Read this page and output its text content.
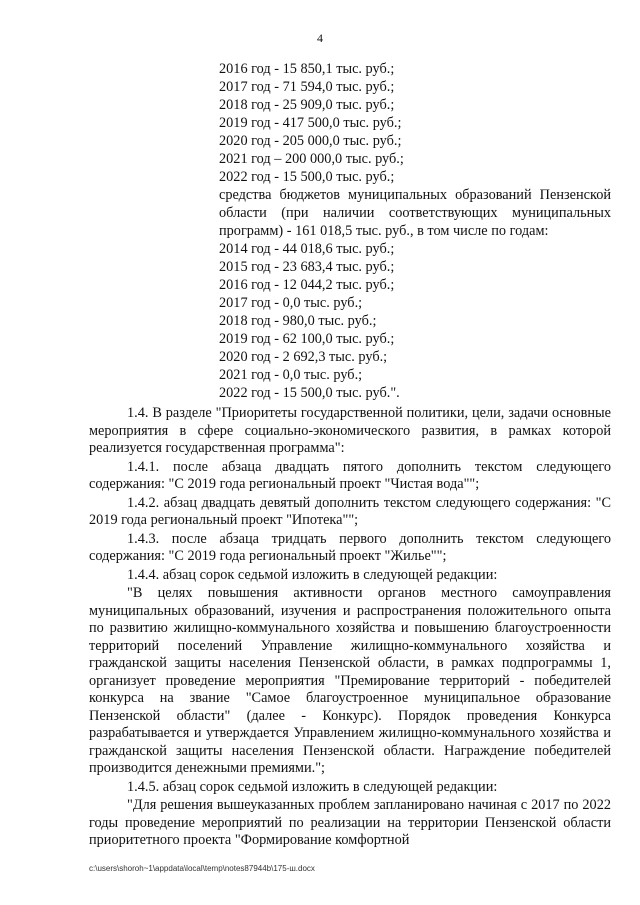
4
2016 год - 15 850,1 тыс. руб.;
2017 год - 71 594,0 тыс. руб.;
2018 год - 25 909,0 тыс. руб.;
2019 год - 417 500,0 тыс. руб.;
2020 год - 205 000,0 тыс. руб.;
2021 год – 200 000,0 тыс. руб.;
2022 год - 15 500,0 тыс. руб.;
средства бюджетов муниципальных образований Пензенской области (при наличии соответствующих муниципальных программ) - 161 018,5 тыс. руб., в том числе по годам:
2014 год - 44 018,6 тыс. руб.;
2015 год - 23 683,4 тыс. руб.;
2016 год - 12 044,2 тыс. руб.;
2017 год - 0,0 тыс. руб.;
2018 год - 980,0 тыс. руб.;
2019 год - 62 100,0 тыс. руб.;
2020 год - 2 692,3 тыс. руб.;
2021 год - 0,0 тыс. руб.;
2022 год - 15 500,0 тыс. руб.".

1.4. В разделе "Приоритеты государственной политики, цели, задачи основные мероприятия в сфере социально-экономического развития, в рамках которой реализуется государственная программа":

1.4.1. после абзаца двадцать пятого дополнить текстом следующего содержания: "С 2019 года региональный проект "Чистая вода"";

1.4.2. абзац двадцать девятый дополнить текстом следующего содержания: "С 2019 года региональный проект "Ипотека"";

1.4.3. после абзаца тридцать первого дополнить текстом следующего содержания: "С 2019 года региональный проект "Жилье"";

1.4.4. абзац сорок седьмой изложить в следующей редакции:

"В целях повышения активности органов местного самоуправления муниципальных образований, изучения и распространения положительного опыта по развитию жилищно-коммунального хозяйства и повышению благоустроенности территорий поселений Управление жилищно-коммунального хозяйства и гражданской защиты населения Пензенской области, в рамках подпрограммы 1, организует проведение мероприятия "Премирование территорий - победителей конкурса на звание "Самое благоустроенное муниципальное образование Пензенской области" (далее - Конкурс). Порядок проведения Конкурса разрабатывается и утверждается Управлением жилищно-коммунального хозяйства и гражданской защиты населения Пензенской области. Награждение победителей производится денежными премиями.";

1.4.5. абзац сорок седьмой изложить в следующей редакции:

"Для решения вышеуказанных проблем запланировано начиная с 2017 по 2022 годы проведение мероприятий по реализации на территории Пензенской области приоритетного проекта "Формирование комфортной

c:\users\shoroh~1\appdata\local\temp\notes87944b\175-ш.docx
